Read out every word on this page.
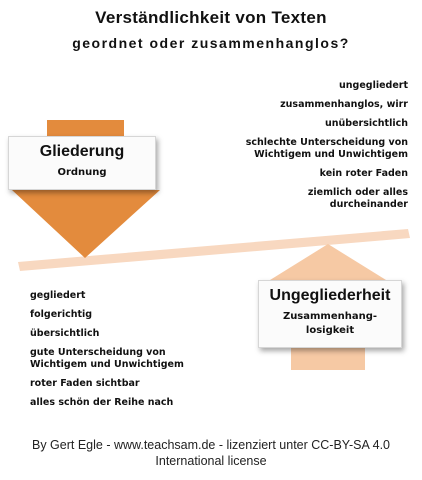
Verständlichkeit von Texten
geordnet oder zusammenhanglos?
Gliederung
Ordnung
Ungegliederheit
Zusammenhang-
losigkeit
ungegliedert
zusammenhanglos, wirr
unübersichtlich
schlechte Unterscheidung von
Wichtigem und Unwichtigem
kein roter Faden
ziemlich oder alles
durcheinander
gegliedert
folgerichtig
übersichtlich
gute Unterscheidung von
Wichtigem und Unwichtigem
roter Faden sichtbar
alles schön der Reihe nach
By Gert Egle - www.teachsam.de - lizenziert unter CC-BY-SA 4.0 International license
